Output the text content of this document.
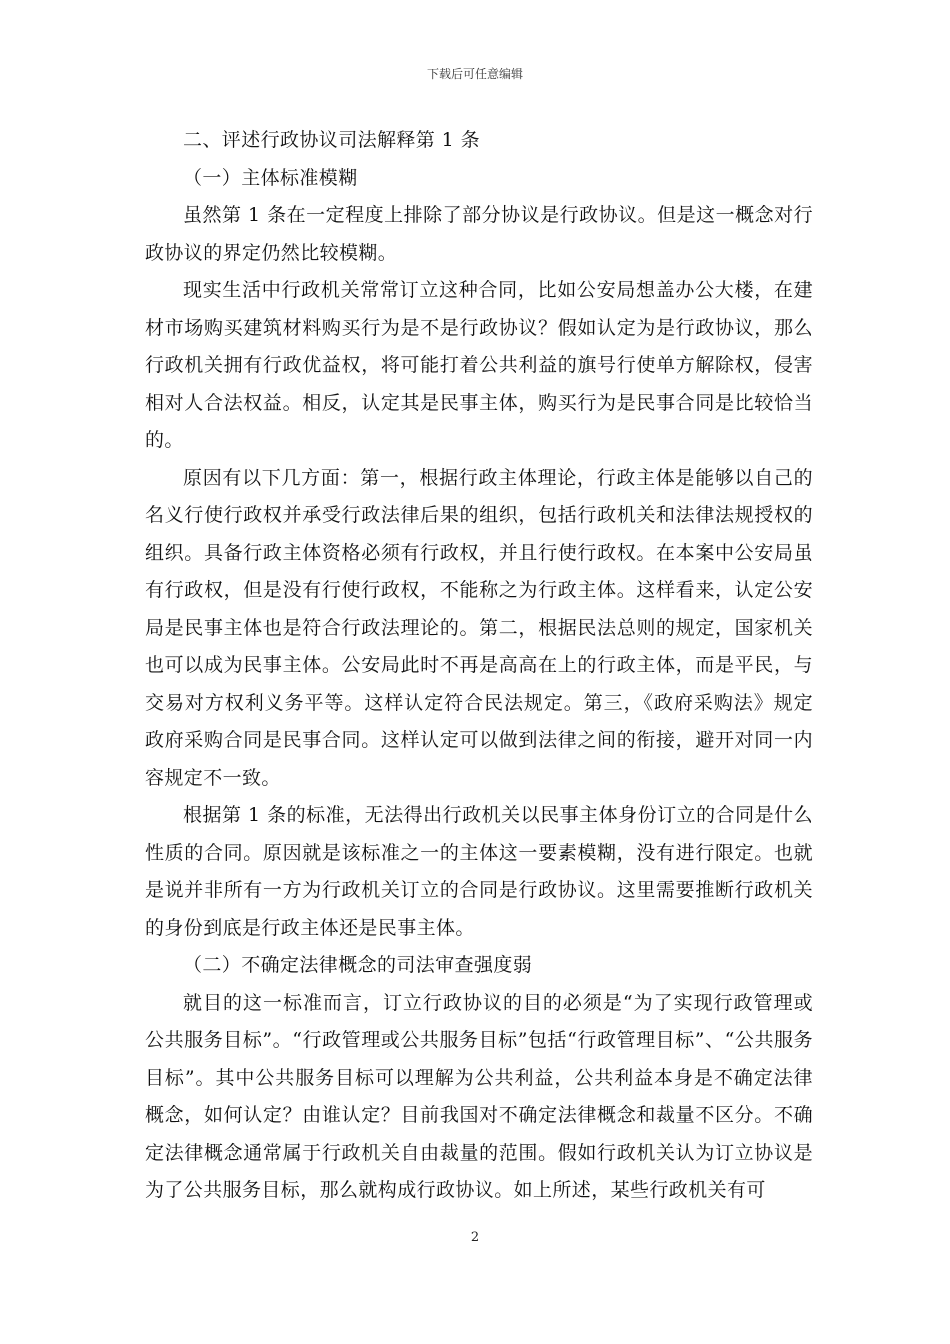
下载后可任意编辑

二、评述行政协议司法解释第 1 条

（一）主体标准模糊

虽然第 1 条在一定程度上排除了部分协议是行政协议。但是这一概念对行政协议的界定仍然比较模糊。

现实生活中行政机关常常订立这种合同，比如公安局想盖办公大楼，在建材市场购买建筑材料购买行为是不是行政协议？假如认定为是行政协议，那么行政机关拥有行政优益权，将可能打着公共利益的旗号行使单方解除权，侵害相对人合法权益。相反，认定其是民事主体，购买行为是民事合同是比较恰当的。

原因有以下几方面：第一，根据行政主体理论，行政主体是能够以自己的名义行使行政权并承受行政法律后果的组织，包括行政机关和法律法规授权的组织。具备行政主体资格必须有行政权，并且行使行政权。在本案中公安局虽有行政权，但是没有行使行政权，不能称之为行政主体。这样看来，认定公安局是民事主体也是符合行政法理论的。第二，根据民法总则的规定，国家机关也可以成为民事主体。公安局此时不再是高高在上的行政主体，而是平民，与交易对方权利义务平等。这样认定符合民法规定。第三，《政府采购法》规定政府采购合同是民事合同。这样认定可以做到法律之间的衔接，避开对同一内容规定不一致。

根据第 1 条的标准，无法得出行政机关以民事主体身份订立的合同是什么性质的合同。原因就是该标准之一的主体这一要素模糊，没有进行限定。也就是说并非所有一方为行政机关订立的合同是行政协议。这里需要推断行政机关的身份到底是行政主体还是民事主体。

（二）不确定法律概念的司法审查强度弱

就目的这一标准而言，订立行政协议的目的必须是“为了实现行政管理或公共服务目标”。“行政管理或公共服务目标”包括“行政管理目标”、“公共服务目标”。其中公共服务目标可以理解为公共利益，公共利益本身是不确定法律概念，如何认定？由谁认定？目前我国对不确定法律概念和裁量不区分。不确定法律概念通常属于行政机关自由裁量的范围。假如行政机关认为订立协议是为了公共服务目标，那么就构成行政协议。如上所述，某些行政机关有可

2
